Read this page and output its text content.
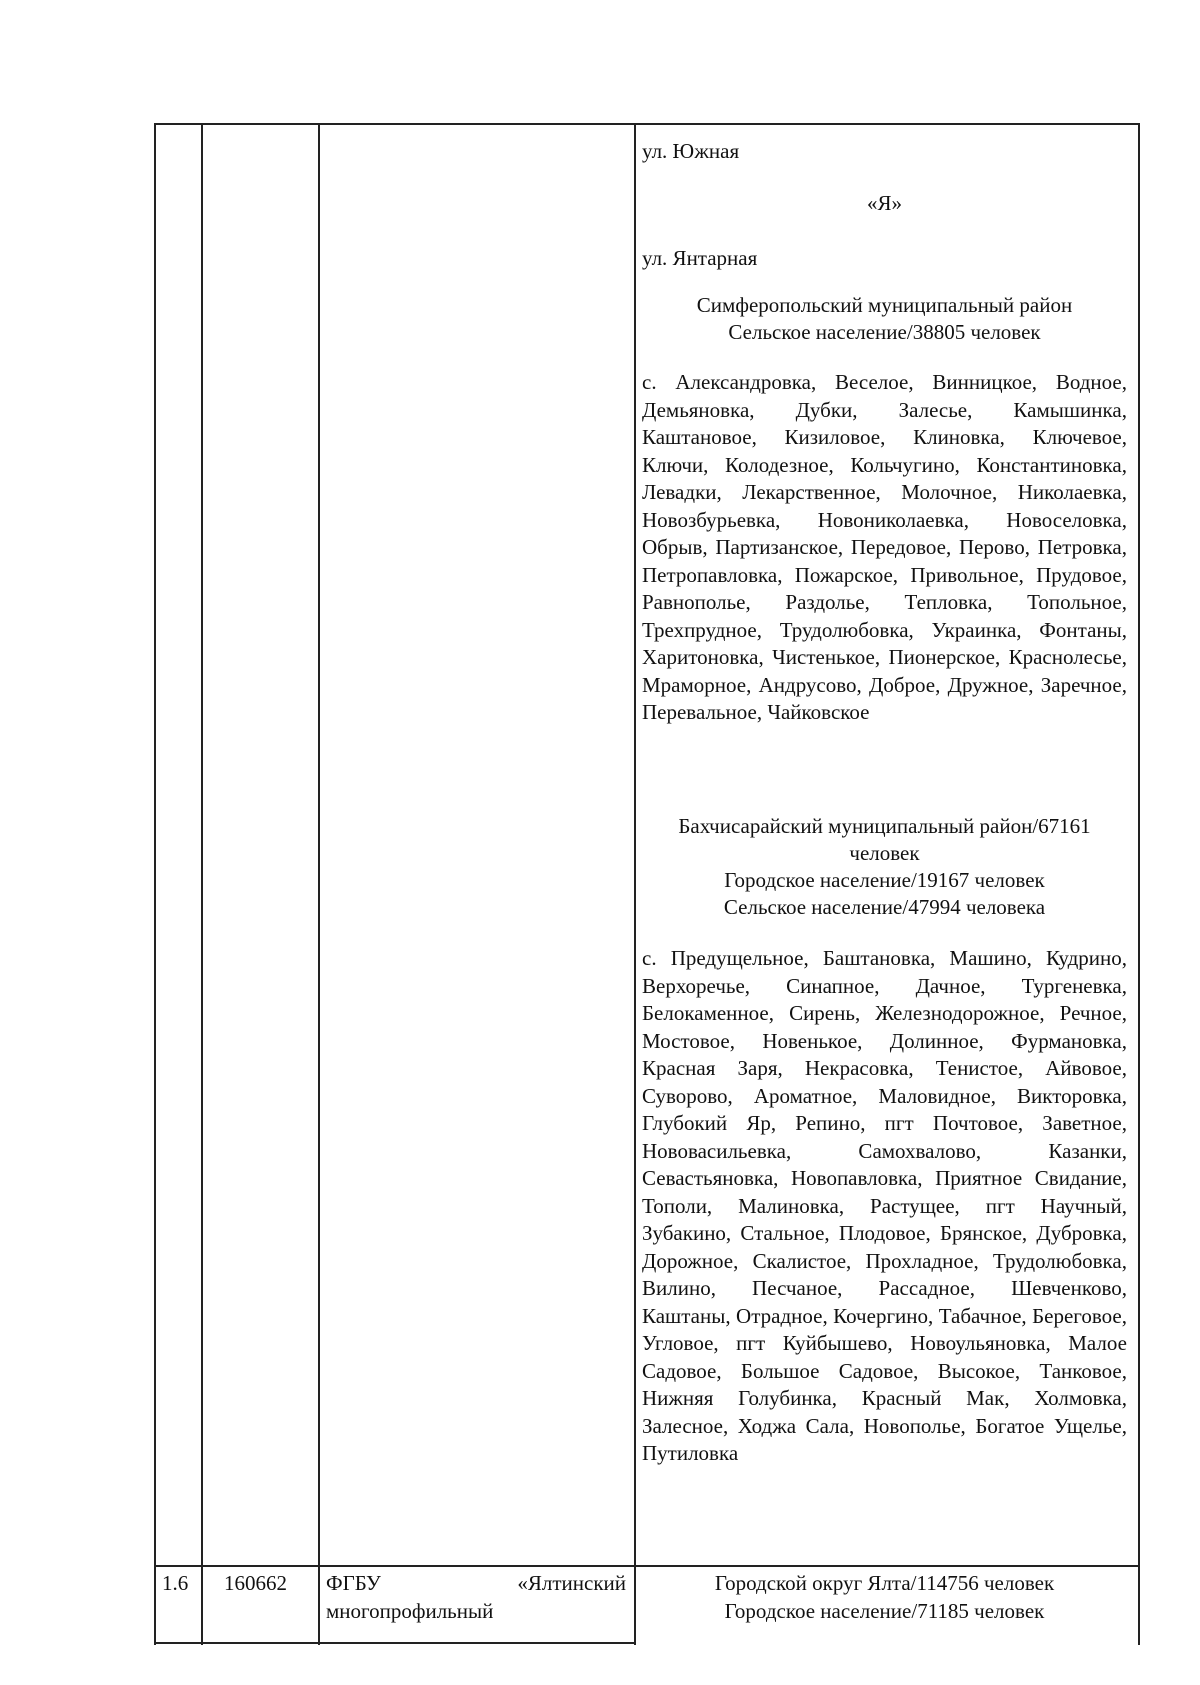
ул. Южная
«Я»
ул. Янтарная
Симферопольский муниципальный район
Сельское население/38805 человек
с. Александровка, Веселое, Винницкое, Водное, Демьяновка, Дубки, Залесье, Камышинка, Каштановое, Кизиловое, Клиновка, Ключевое, Ключи, Колодезное, Кольчугино, Константиновка, Левадки, Лекарственное, Молочное, Николаевка, Новозбурьевка, Новониколаевка, Новоселовка, Обрыв, Партизанское, Передовое, Перово, Петровка, Петропавловка, Пожарское, Привольное, Прудовое, Равнополье, Раздолье, Тепловка, Топольное, Трехпрудное, Трудолюбовка, Украинка, Фонтаны, Харитоновка, Чистенькое, Пионерское, Краснолесье, Мраморное, Андрусово, Доброе, Дружное, Заречное, Перевальное, Чайковское
Бахчисарайский муниципальный район/67161
человек
Городское население/19167 человек
Сельское население/47994 человека
с. Предущельное, Баштановка, Машино, Кудрино, Верхоречье, Синапное, Дачное, Тургеневка, Белокаменное, Сирень, Железнодорожное, Речное, Мостовое, Новенькое, Долинное, Фурмановка, Красная Заря, Некрасовка, Тенистое, Айвовое, Суворово, Ароматное, Маловидное, Викторовка, Глубокий Яр, Репино, пгт Почтовое, Заветное, Нововасильевка, Самохвалово, Казанки, Севастьяновка, Новопавловка, Приятное Свидание, Тополи, Малиновка, Растущее, пгт Научный, Зубакино, Стальное, Плодовое, Брянское, Дубровка, Дорожное, Скалистое, Прохладное, Трудолюбовка, Вилино, Песчаное, Рассадное, Шевченково, Каштаны, Отрадное, Кочергино, Табачное, Береговое, Угловое, пгт Куйбышево, Новоульяновка, Малое Садовое, Большое Садовое, Высокое, Танковое, Нижняя Голубинка, Красный Мак, Холмовка, Залесное, Ходжа Сала, Новополье, Богатое Ущелье, Путиловка
1.6 160662 ФГБУ	«Ялтинский
многопрофильный
Городской округ Ялта/114756 человек
Городское население/71185 человек
